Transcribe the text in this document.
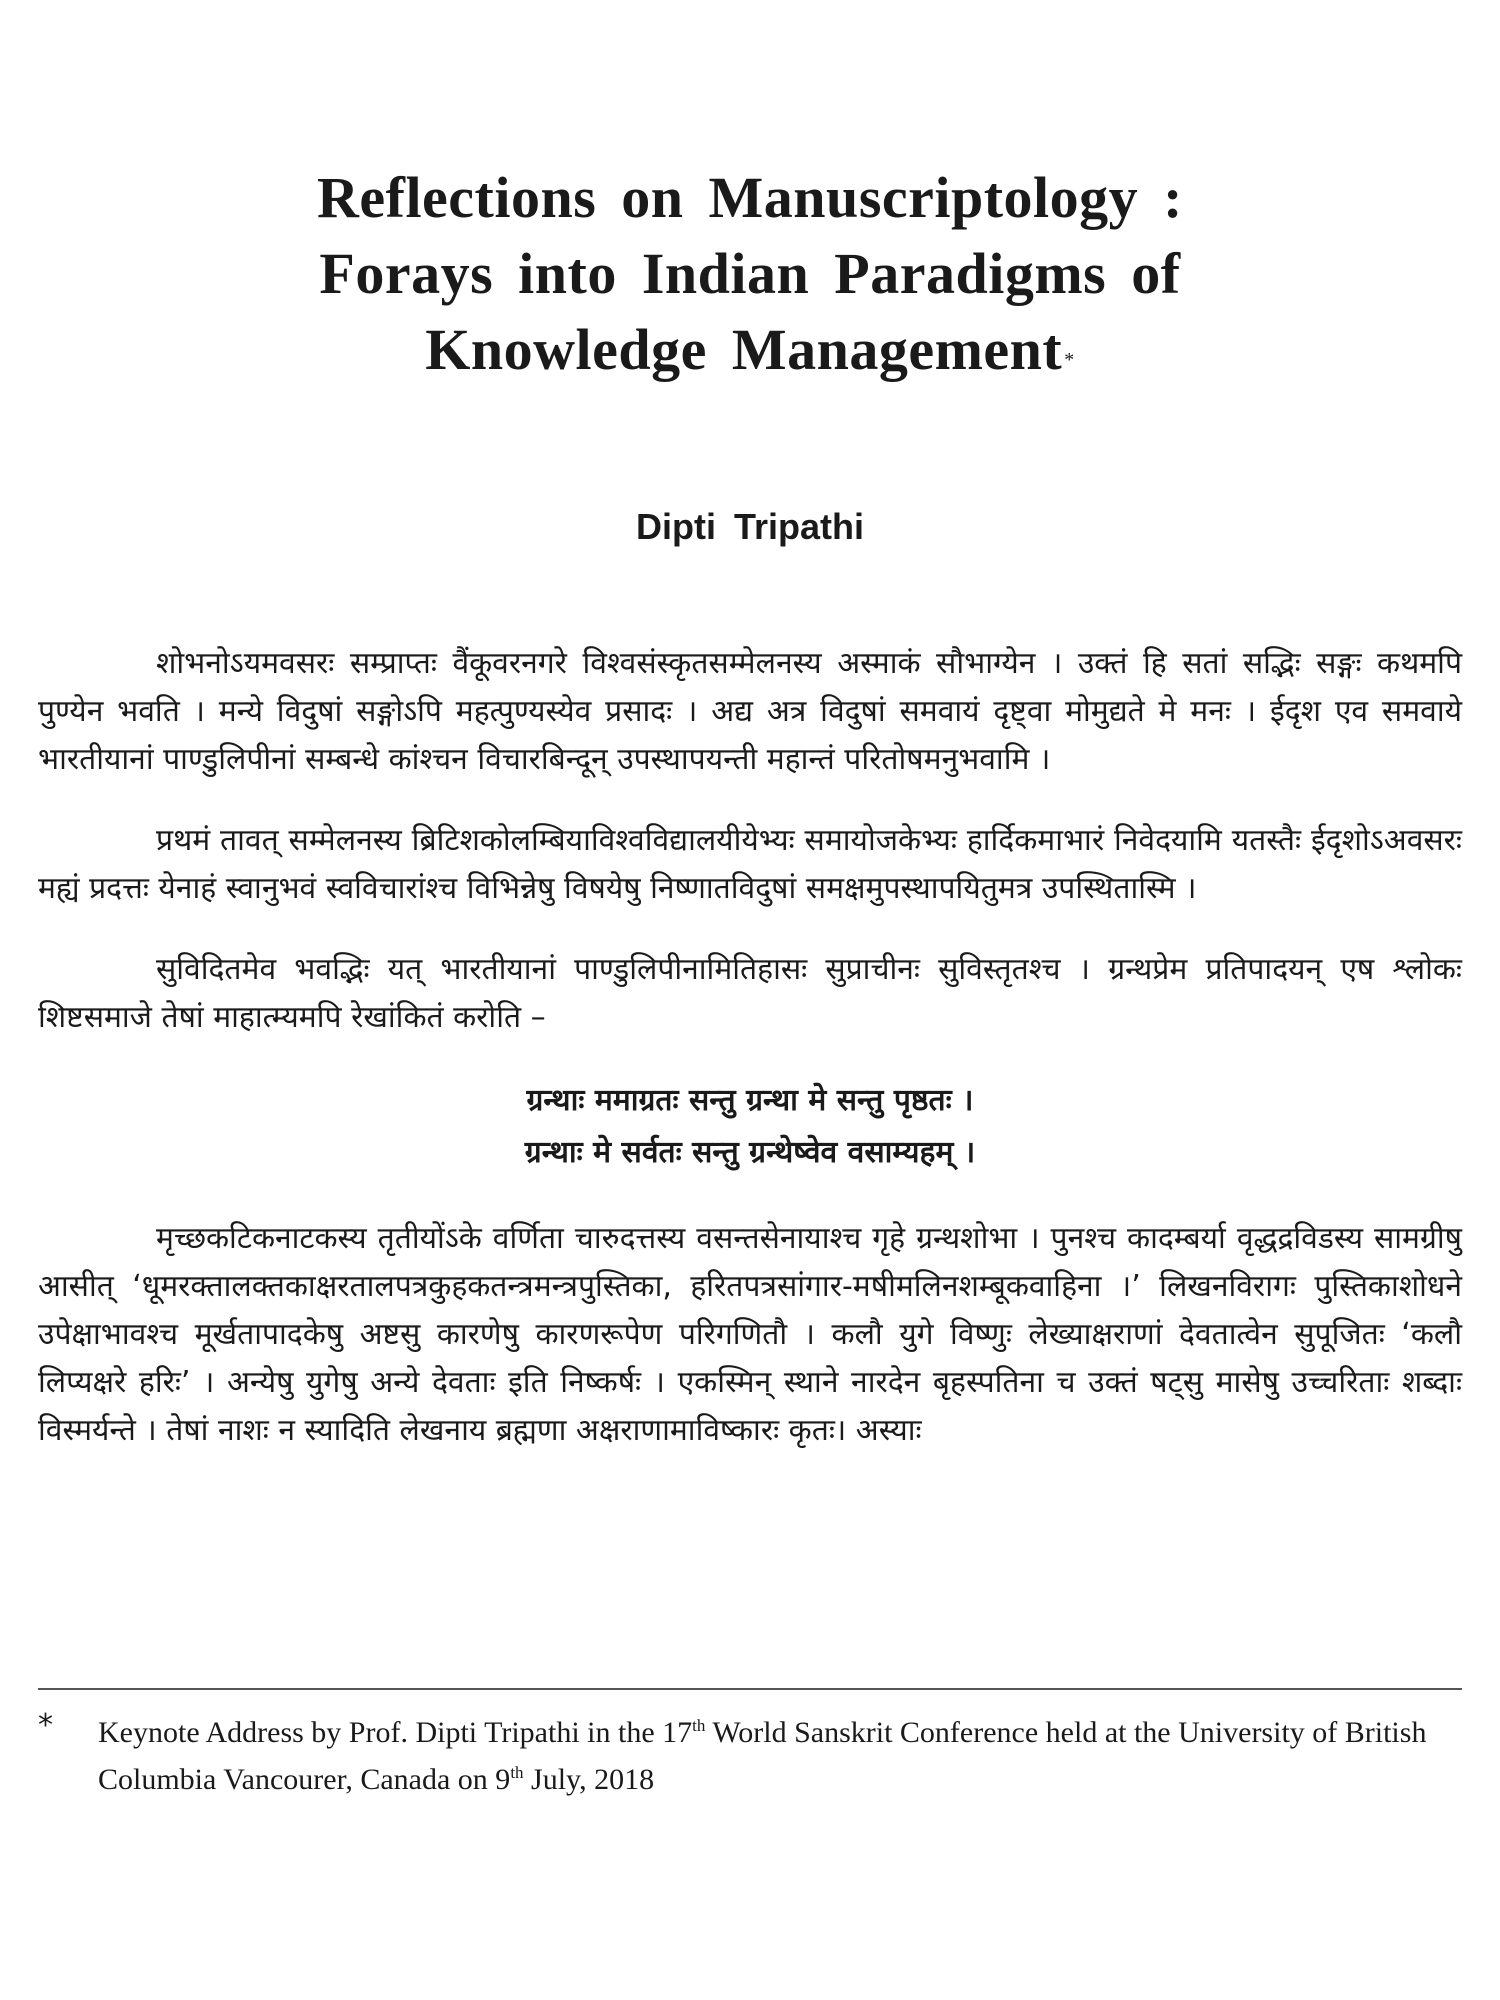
Reflections on Manuscriptology :
Forays into Indian Paradigms of
Knowledge Management *
Dipti Tripathi

शोभनोऽयमवसरः सम्प्राप्तः वैंकूवरनगरे विश्वसंस्कृतसम्मेलनस्य अस्माकं सौभाग्येन । उक्तं हि सतां सद्भिः सङ्गः कथमपि पुण्येन भवति । मन्ये विदुषां सङ्गोऽपि महत्पुण्यस्येव प्रसादः । अद्य अत्र विदुषां समवायं दृष्ट्वा मोमुद्यते मे मनः । ईदृश एव समवाये भारतीयानां पाण्डुलिपीनां सम्बन्धे कांश्चन विचारबिन्दून् उपस्थापयन्ती महान्तं परितोषमनुभवामि ।

प्रथमं तावत् सम्मेलनस्य ब्रिटिशकोलम्बियाविश्वविद्यालयीयेभ्यः समायोजकेभ्यः हार्दिकमाभारं निवेदयामि यतस्तैः ईदृशोऽअवसरः मह्यं प्रदत्तः येनाहं स्वानुभवं स्वविचारांश्च विभिन्नेषु विषयेषु निष्णातविदुषां समक्षमुपस्थापयितुमत्र उपस्थितास्मि ।

सुविदितमेव भवद्भिः यत् भारतीयानां पाण्डुलिपीनामितिहासः सुप्राचीनः सुविस्तृतश्च । ग्रन्थप्रेम प्रतिपादयन् एष श्लोकः शिष्टसमाजे तेषां माहात्म्यमपि रेखांकितं करोति –

ग्रन्थाः ममाग्रतः सन्तु ग्रन्था मे सन्तु पृष्ठतः ।
ग्रन्थाः मे सर्वतः सन्तु ग्रन्थेष्वेव वसाम्यहम् ।

मृच्छकटिकनाटकस्य तृतीयोंऽके वर्णिता चारुदत्तस्य वसन्तसेनायाश्च गृहे ग्रन्थशोभा । पुनश्च कादम्बर्या वृद्धद्रविडस्य सामग्रीषु आसीत् ‘धूमरक्तालक्तकाक्षरतालपत्रकुहकतन्त्रमन्त्रपुस्तिका, हरितपत्रसांगार-मषीमलिनशम्बूकवाहिना ।’ लिखनविरागः पुस्तिकाशोधने उपेक्षाभावश्च मूर्खतापादकेषु अष्टसु कारणेषु कारणरूपेण परिगणितौ । कलौ युगे विष्णुः लेख्याक्षराणां देवतात्वेन सुपूजितः ‘कलौ लिप्यक्षरे हरिः’ । अन्येषु युगेषु अन्ये देवताः इति निष्कर्षः । एकस्मिन् स्थाने नारदेन बृहस्पतिना च उक्तं षट्सु मासेषु उच्चरिताः शब्दाः विस्मर्यन्ते । तेषां नाशः न स्यादिति लेखनाय ब्रह्मणा अक्षराणामाविष्कारः कृतः। अस्याः

*	Keynote Address by Prof. Dipti Tripathi in the 17th World Sanskrit Conference held at the University of British Columbia Vancourer, Canada on 9th July, 2018
